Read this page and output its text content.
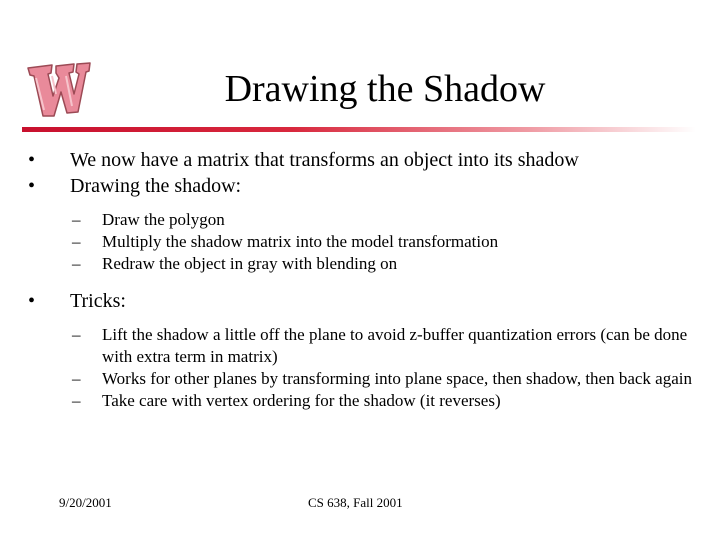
Drawing the Shadow
• We now have a matrix that transforms an object into its shadow
• Drawing the shadow:
– Draw the polygon
– Multiply the shadow matrix into the model transformation
– Redraw the object in gray with blending on
• Tricks:
– Lift the shadow a little off the plane to avoid z-buffer quantization errors (can be done with extra term in matrix)
– Works for other planes by transforming into plane space, then shadow, then back again
– Take care with vertex ordering for the shadow (it reverses)
9/20/2001	CS 638, Fall 2001
